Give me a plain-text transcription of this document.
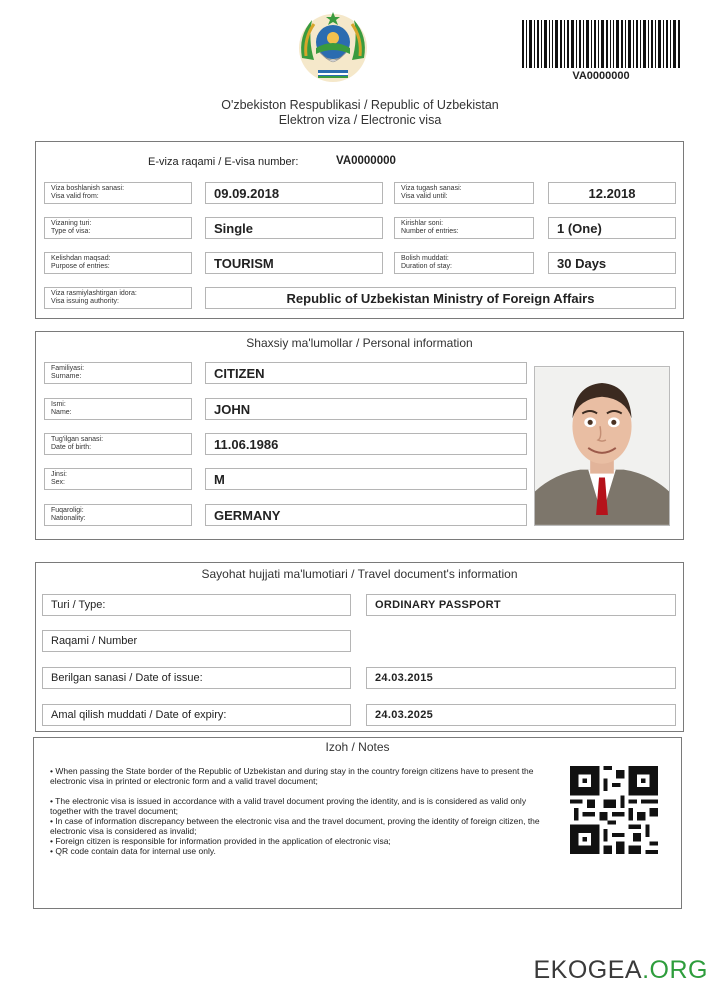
VA0000000
O'zbekiston Respublikasi / Republic of Uzbekistan
Elektron viza / Electronic visa
E-viza raqami / E-visa number:	VA0000000
Viza boshlanish sanasi:
Visa valid from:	09.09.2018	Viza tugash sanasi:
Visa valid until:	12.2018
Vizaning turi:
Type of visa:	Single	Kirishlar soni:
Number of entries:	1 (One)
Kelishdan maqsad:
Purpose of entries:	TOURISM	Bolish muddati:
Duration of stay:	30 Days
Viza rasmiylashtirgan idora:
Visa issuing authority:	Republic of Uzbekistan Ministry of Foreign Affairs
Shaxsiy ma'lumollar / Personal information
Familiyasi:
Surname:	CITIZEN
Ismi:
Name:	JOHN
Tug'ilgan sanasi:
Date of birth:	11.06.1986
Jinsi:
Sex:	M
Fuqaroligi:
Nationality:	GERMANY
Sayohat hujjati ma'lumotiari / Travel document's information
Turi / Type:	ORDINARY PASSPORT
Raqami / Number
Berilgan sanasi / Date of issue:	24.03.2015
Amal qilish muddati / Date of expiry:	24.03.2025
Izoh / Notes
• When passing the State border of the Republic of Uzbekistan and during stay in the country foreign citizens have to present the electronic visa in printed or electronic form and a valid travel document;
• The electronic visa is issued in accordance with a valid travel document proving the identity, and is is considered as valid only together with the travel document;
• In case of information discrepancy between the electronic visa and the travel document, proving the identity of foreign citizen, the electronic visa is considered as invalid;
• Foreign citizen is responsible for information provided in the application of electronic visa;
• QR code contain data for internal use only.
EKOGEA.ORG
